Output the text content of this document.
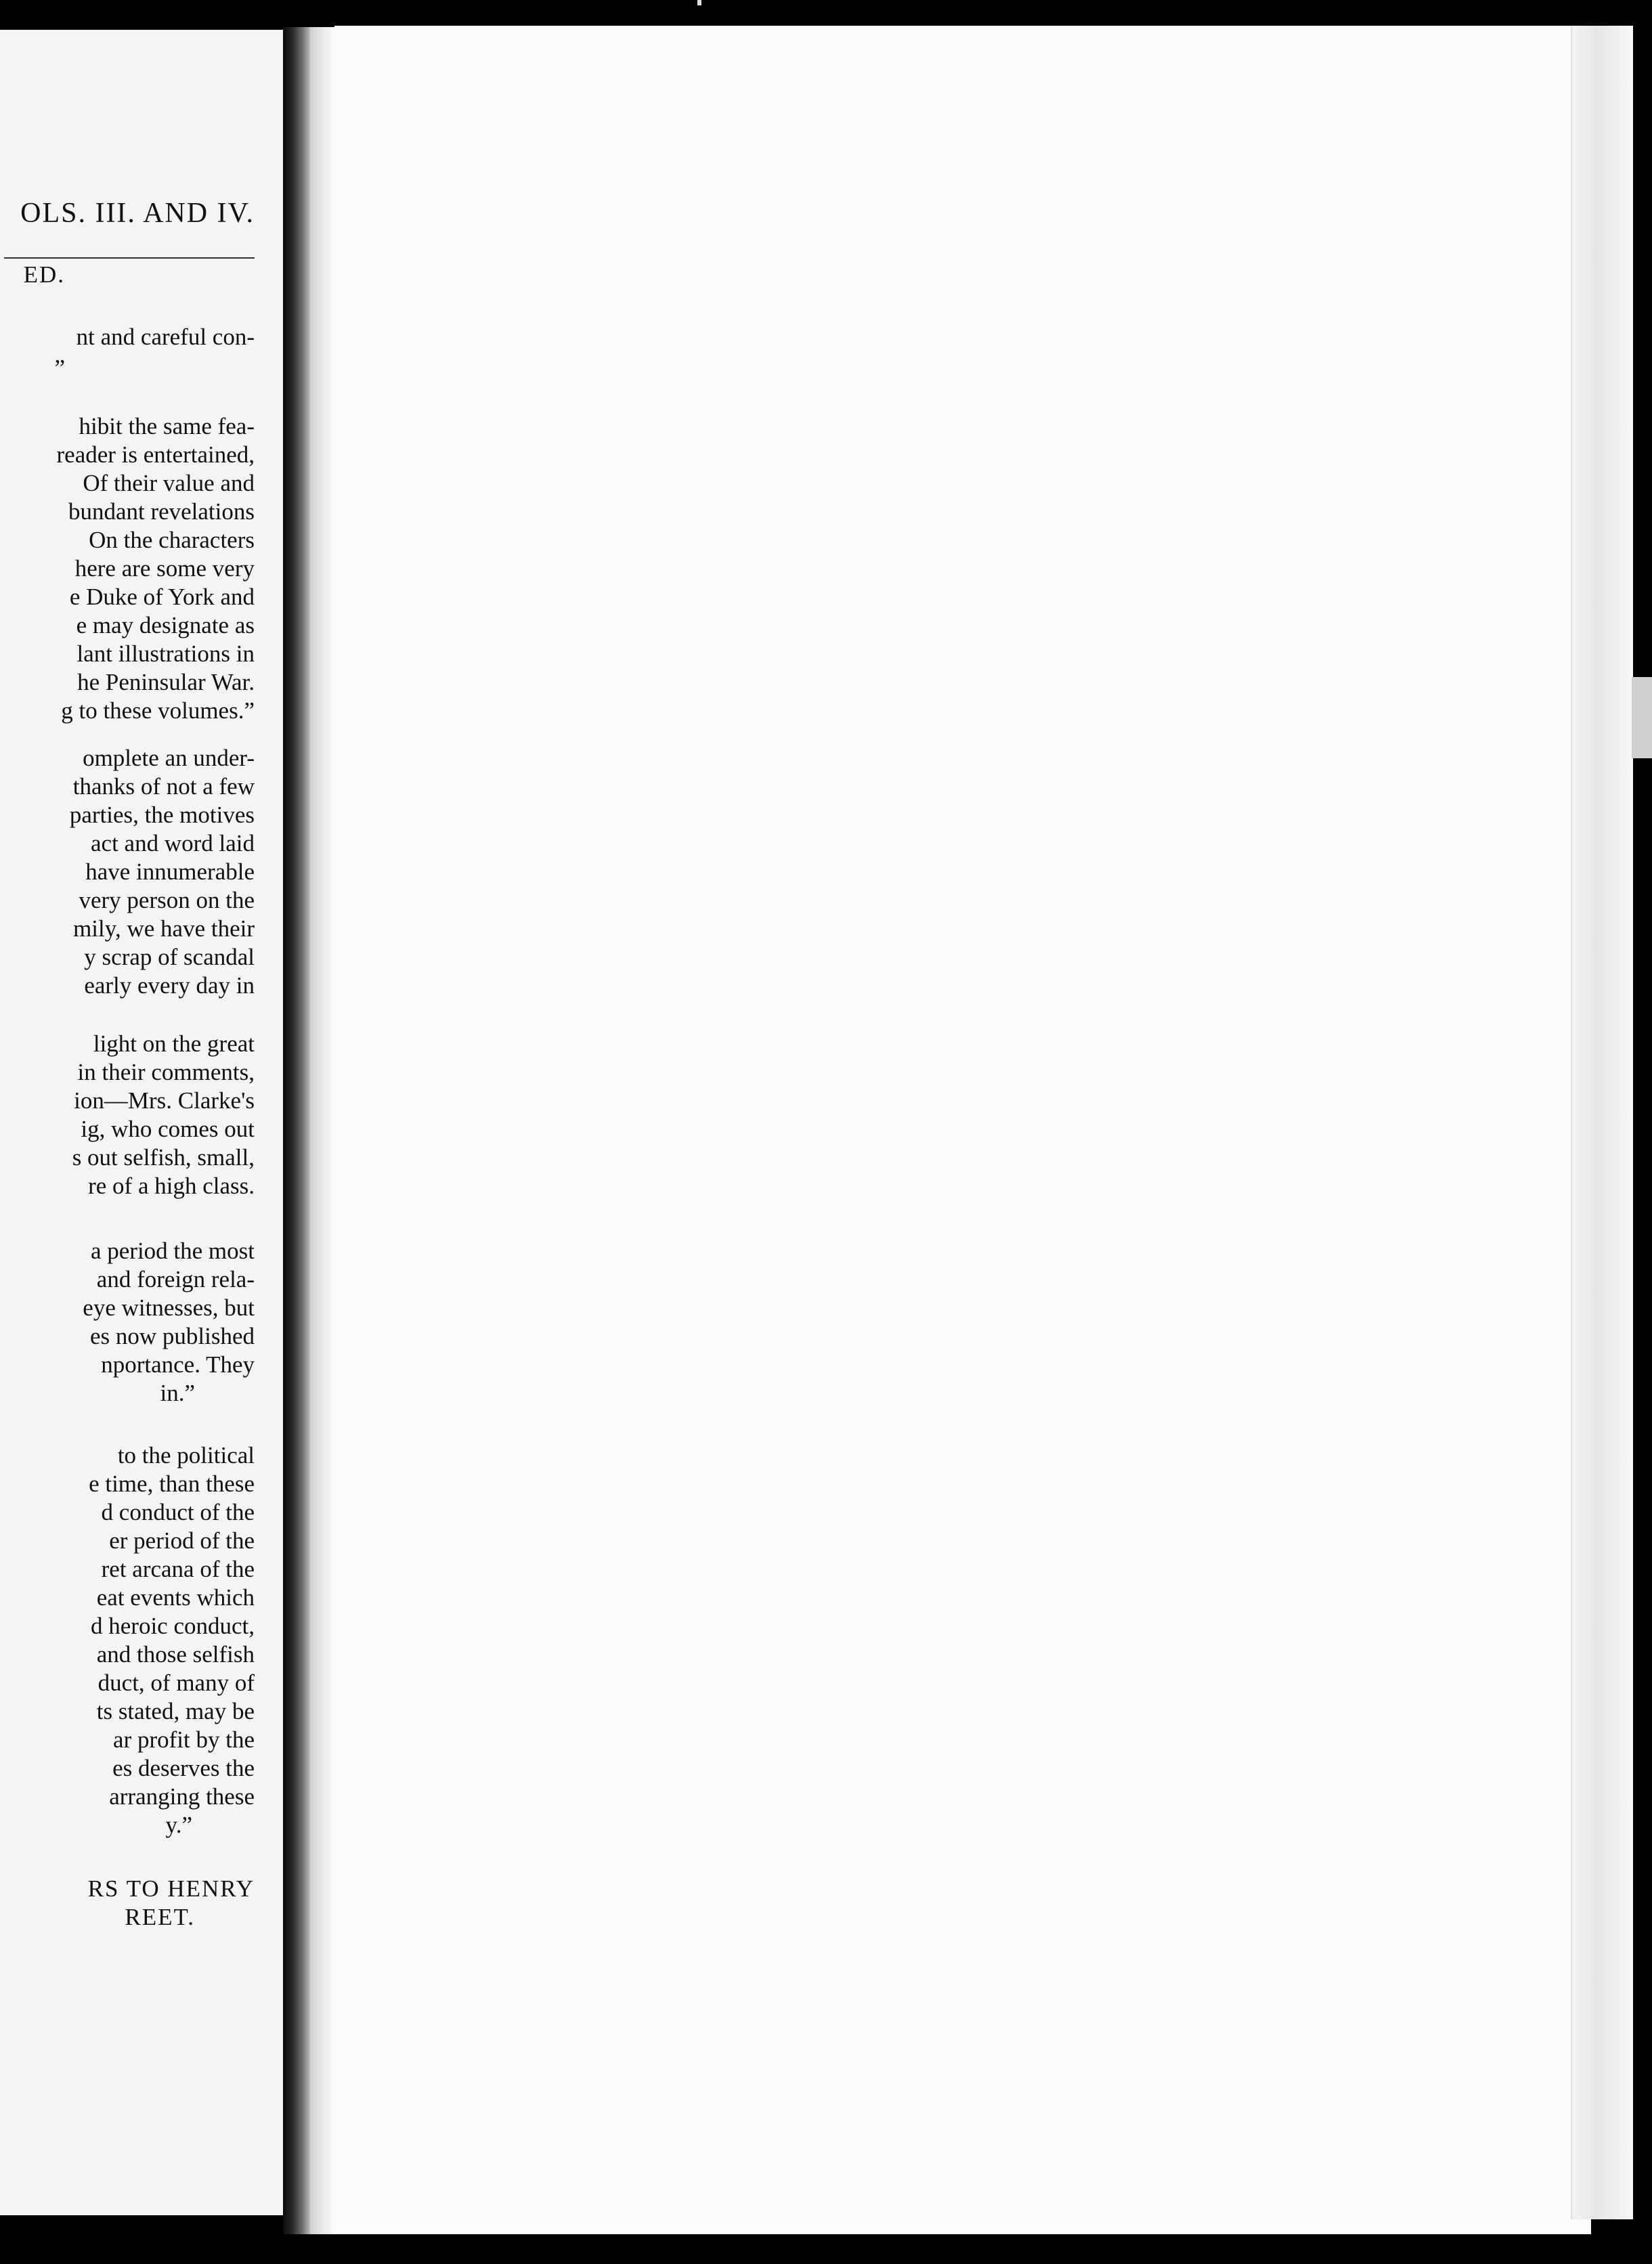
OLS. III. AND IV.
ED.
nt and careful con-
”
hibit the same fea-
reader is entertained,
Of their value and
bundant revelations
On the characters
here are some very
e Duke of York and
e may designate as
lant illustrations in
he Peninsular War.
g to these volumes.”
omplete an under-
thanks of not a few
parties, the motives
act and word laid
have innumerable
very person on the
mily, we have their
y scrap of scandal
early every day in
light on the great
in their comments,
ion—Mrs. Clarke's
ig, who comes out
s out selfish, small,
re of a high class.
a period the most
and foreign rela-
eye witnesses, but
es now published
nportance. They
in.”
to the political
e time, than these
d conduct of the
er period of the
ret arcana of the
eat events which
d heroic conduct,
and those selfish
duct, of many of
ts stated, may be
ar profit by the
es deserves the
arranging these
y.”
RS TO HENRY
REET.
